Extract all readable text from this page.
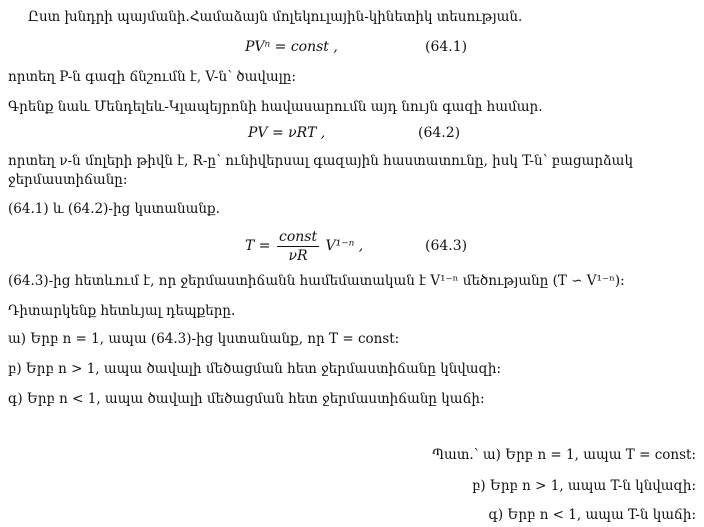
Ըստ խնդրի պայմանի.Համաձայն մոլեկուլային-կինետիկ տեսության.
PVⁿ = const ,	(64.1)
որտեղ P-ն գազի ճնշումն է, V-ն՝ ծավալը:
Գրենք նաև Մենդելեև-Կլապեյրոնի հավասարումն այդ նույն գազի համար.
PV = νRT ,	(64.2)
որտեղ ν-ն մոլերի թիվն է, R-ը՝ ունիվերսալ գազային հաստատունը, իսկ T-ն՝ բացարձակ
ջերմաստիճանը:
(64.1) և (64.2)-ից կստանանք.
$T = \frac{\text{const}}{\nu R} V^{1-n}$ ,	(64.3)
(64.3)-ից հետևում է, որ ջերմաստիճանն համեմատական է V¹⁻ⁿ մեծությանը (T ∽ V¹⁻ⁿ):
Դիտարկենք հետևյալ դեպքերը.
ա) Երբ n = 1, ապա (64.3)-ից կստանանք, որ T = const:
բ) Երբ n > 1, ապա ծավալի մեծացման հետ ջերմաստիճանը կնվազի:
գ) Երբ n < 1, ապա ծավալի մեծացման հետ ջերմաստիճանը կաճի:
Պատ.՝ ա) Երբ n = 1, ապա T = const:
բ) Երբ n > 1, ապա T-ն կնվազի:
գ) Երբ n < 1, ապա T-ն կաճի:
